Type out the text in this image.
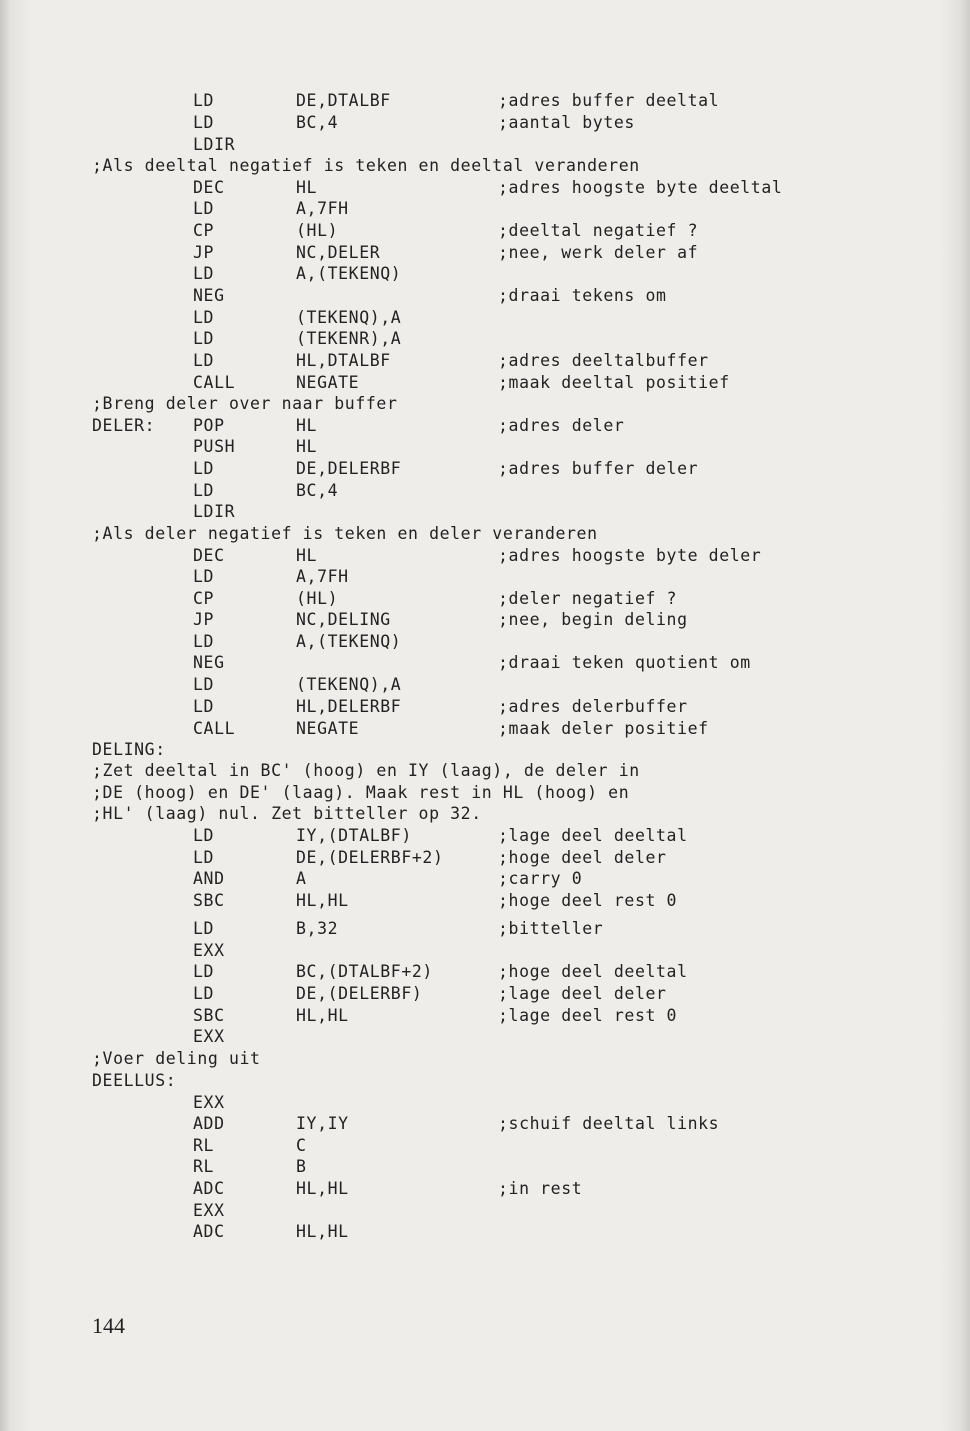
LD	DE,DTALBF	;adres buffer deeltal
LD	BC,4	;aantal bytes
LDIR
;Als deeltal negatief is teken en deeltal veranderen
DEC	HL	;adres hoogste byte deeltal
LD	A,7FH
CP	(HL)	;deeltal negatief ?
JP	NC,DELER	;nee, werk deler af
LD	A,(TEKENQ)
NEG	;draai tekens om
LD	(TEKENQ),A
LD	(TEKENR),A
LD	HL,DTALBF	;adres deeltalbuffer
CALL	NEGATE	;maak deeltal positief
;Breng deler over naar buffer
DELER: POP	HL	;adres deler
PUSH	HL
LD	DE,DELERBF	;adres buffer deler
LD	BC,4
LDIR
;Als deler negatief is teken en deler veranderen
DEC	HL	;adres hoogste byte deler
LD	A,7FH
CP	(HL)	;deler negatief ?
JP	NC,DELING	;nee, begin deling
LD	A,(TEKENQ)
NEG	;draai teken quotient om
LD	(TEKENQ),A
LD	HL,DELERBF	;adres delerbuffer
CALL	NEGATE	;maak deler positief
DELING:
;Zet deeltal in BC' (hoog) en IY (laag), de deler in
;DE (hoog) en DE' (laag). Maak rest in HL (hoog) en
;HL' (laag) nul. Zet bitteller op 32.
LD	IY,(DTALBF)	;lage deel deeltal
LD	DE,(DELERBF+2)	;hoge deel deler
AND	A	;carry 0
SBC	HL,HL	;hoge deel rest 0
LD	B,32	;bitteller
EXX
LD	BC,(DTALBF+2)	;hoge deel deeltal
LD	DE,(DELERBF)	;lage deel deler
SBC	HL,HL	;lage deel rest 0
EXX
;Voer deling uit
DEELLUS:
EXX
ADD	IY,IY	;schuif deeltal links
RL	C
RL	B
ADC	HL,HL	;in rest
EXX
ADC	HL,HL
144
